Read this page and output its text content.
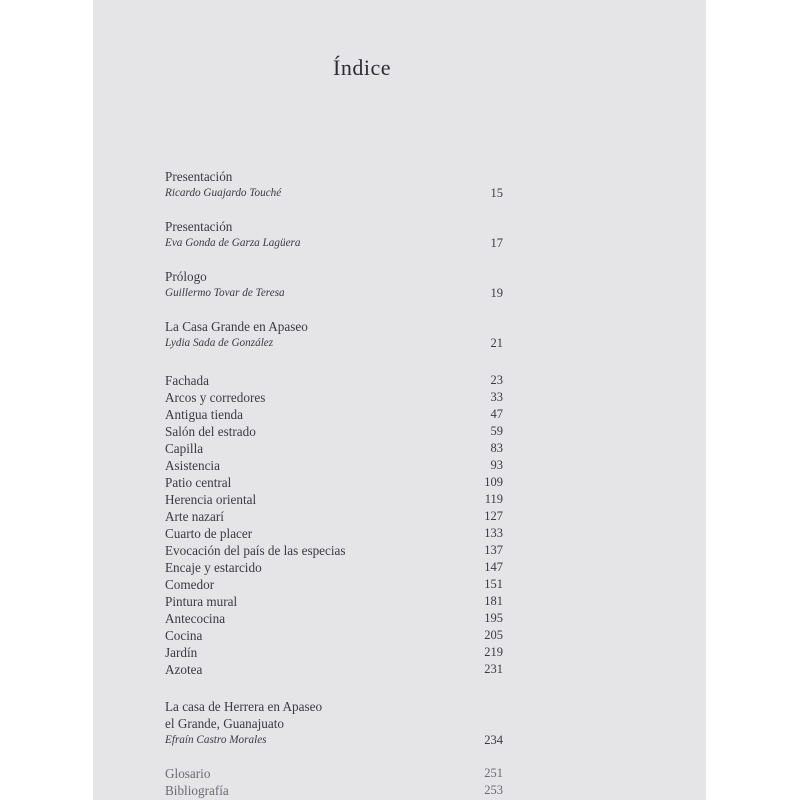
Índice
Presentación
Ricardo Guajardo Touché	15
Presentación
Eva Gonda de Garza Lagüera	17
Prólogo
Guillermo Tovar de Teresa	19
La Casa Grande en Apaseo
Lydia Sada de González	21
Fachada	23
Arcos y corredores	33
Antigua tienda	47
Salón del estrado	59
Capilla	83
Asistencia	93
Patio central	109
Herencia oriental	119
Arte nazarí	127
Cuarto de placer	133
Evocación del país de las especias	137
Encaje y estarcido	147
Comedor	151
Pintura mural	181
Antecocina	195
Cocina	205
Jardín	219
Azotea	231
La casa de Herrera en Apaseo
el Grande, Guanajuato
Efraín Castro Morales	234
Glosario	251
Bibliografía	253
